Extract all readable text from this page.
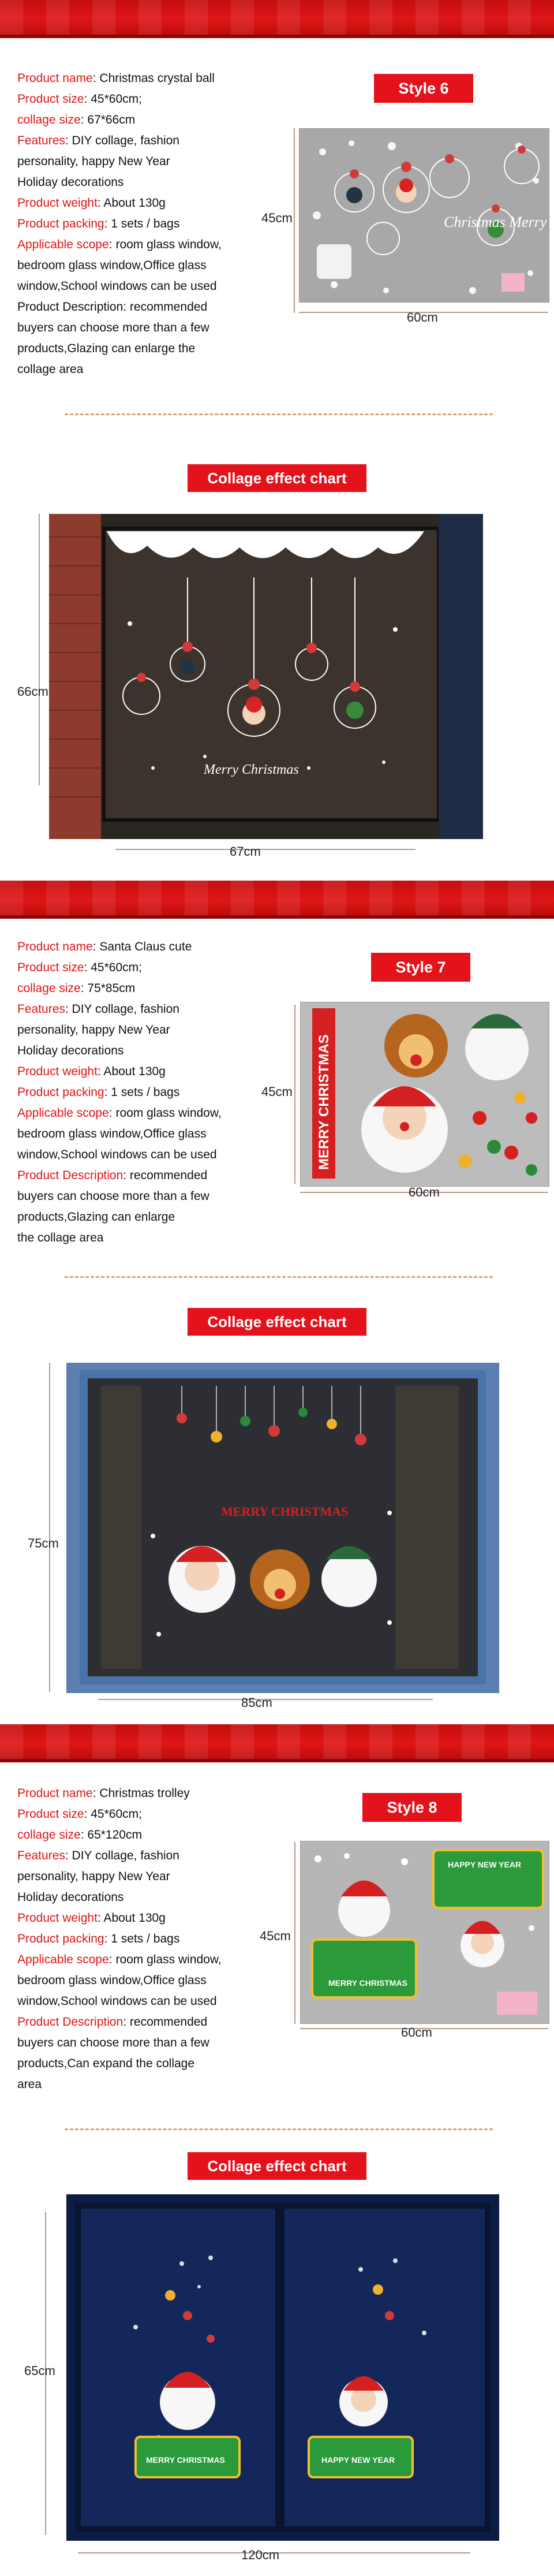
Product name: Christmas crystal ball
Product size: 45*60cm;
collage size: 67*66cm
Features: DIY collage, fashion
personality, happy New Year
Holiday decorations
Product weight: About 130g
Product packing: 1 sets / bags
Applicable scope: room glass window,
bedroom glass window,Office glass
window,School windows can be used
Product Description: recommended
buyers can choose more than a few
products,Glazing can enlarge the
collage area
Style 6
45cm	Christmas Merry
60cm
Collage effect chart
66cm
Merry Christmas
67cm
Product name: Santa Claus cute
Product size: 45*60cm;
collage size: 75*85cm
Features: DIY collage, fashion
personality, happy New Year
Holiday decorations
Product weight: About 130g
Product packing: 1 sets / bags
Applicable scope: room glass window,
bedroom glass window,Office glass
window,School windows can be used
Product Description: recommended
buyers can choose more than a few
products,Glazing can enlarge
the collage area
Style 7
45cm MERRY CHRISTMAS
60cm
Collage effect chart
75cm
MERRY CHRISTMAS
85cm
Product name: Christmas trolley
Product size: 45*60cm;
collage size: 65*120cm
Features: DIY collage, fashion
personality, happy New Year
Holiday decorations
Product weight: About 130g
Product packing: 1 sets / bags
Applicable scope: room glass window,
bedroom glass window,Office glass
window,School windows can be used
Product Description: recommended
buyers can choose more than a few
products,Can expand the collage
area
Style 8
45cm
HAPPY NEW YEAR
MERRY CHRISTMAS
60cm
Collage effect chart
65cm
MERRY CHRISTMAS	HAPPY NEW YEAR
120cm
